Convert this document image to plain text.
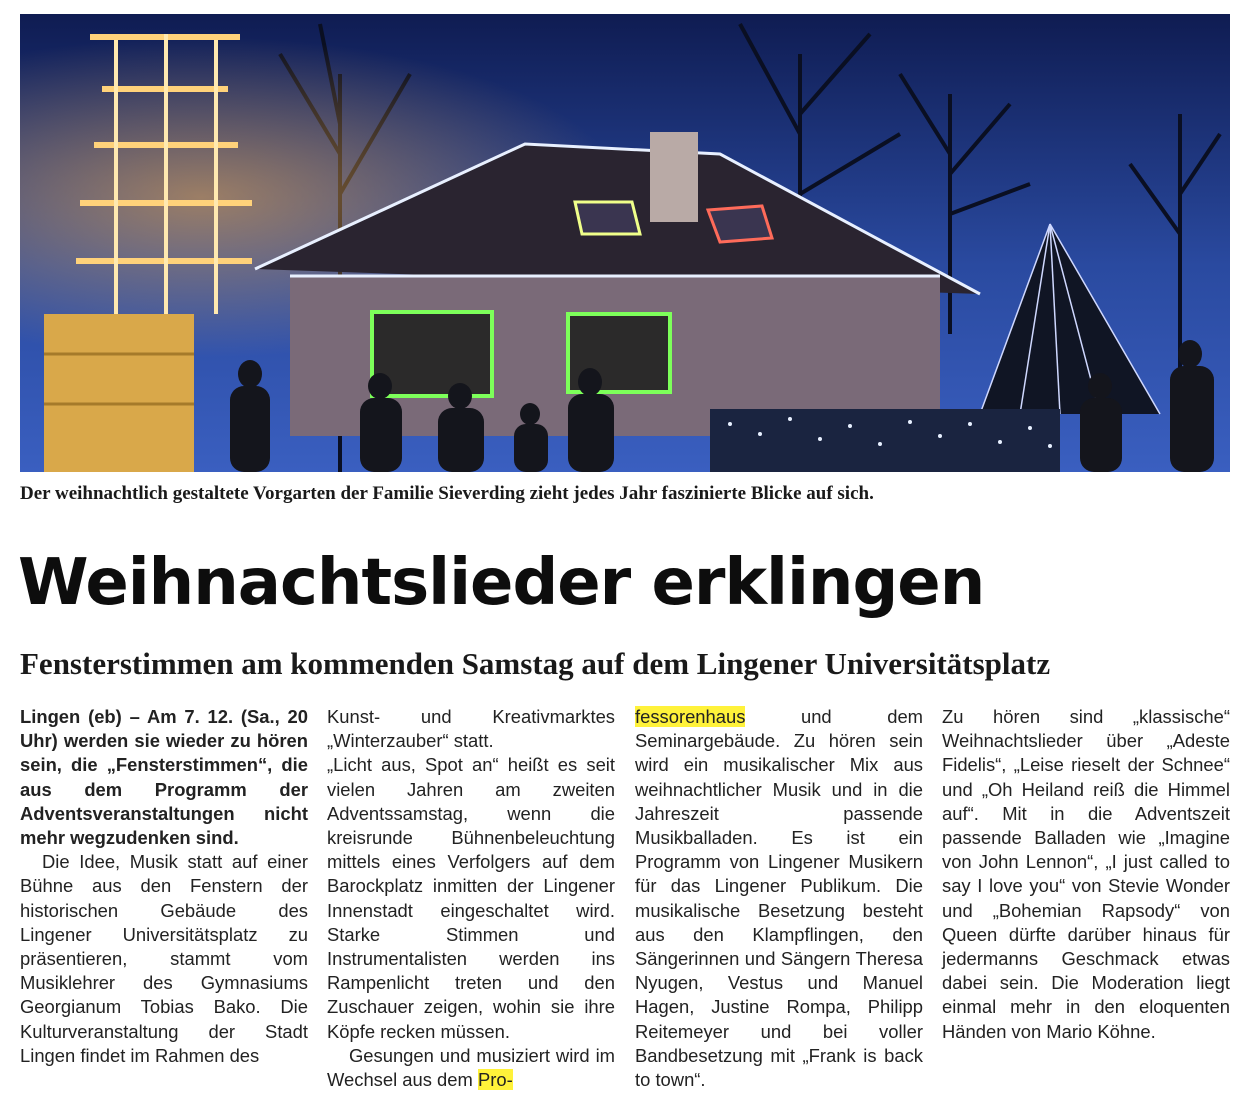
Der weihnachtlich gestaltete Vorgarten der Familie Sieverding zieht jedes Jahr faszinierte Blicke auf sich.
Weihnachtslieder erklingen
Fensterstimmen am kommenden Samstag auf dem Lingener Universitätsplatz

Lingen (eb) – Am 7. 12. (Sa., 20 Uhr) werden sie wieder zu hören sein, die „Fensterstimmen“, die aus dem Programm der Adventsveranstaltungen nicht mehr wegzudenken sind.

Die Idee, Musik statt auf einer Bühne aus den Fenstern der historischen Gebäude des Lingener Universitätsplatz zu präsentieren, stammt vom Musiklehrer des Gymnasiums Georgianum Tobias Bako. Die Kulturveranstaltung der Stadt Lingen findet im Rahmen des

Kunst- und Kreativmarktes „Winterzauber“ statt.

„Licht aus, Spot an“ heißt es seit vielen Jahren am zweiten Adventssamstag, wenn die kreisrunde Bühnenbeleuchtung mittels eines Verfolgers auf dem Barockplatz inmitten der Lingener Innenstadt eingeschaltet wird. Starke Stimmen und Instrumentalisten werden ins Rampenlicht treten und den Zuschauer zeigen, wohin sie ihre Köpfe recken müssen.

Gesungen und musiziert wird im Wechsel aus dem Pro-

fessorenhaus und dem Seminargebäude. Zu hören sein wird ein musikalischer Mix aus weihnachtlicher Musik und in die Jahreszeit passende Musikballaden. Es ist ein Programm von Lingener Musikern für das Lingener Publikum. Die musikalische Besetzung besteht aus den Klampflingen, den Sängerinnen und Sängern Theresa Nyugen, Vestus und Manuel Hagen, Justine Rompa, Philipp Reitemeyer und bei voller Bandbesetzung mit „Frank is back to town“.

Zu hören sind „klassische“ Weihnachtslieder über „Adeste Fidelis“, „Leise rieselt der Schnee“ und „Oh Heiland reiß die Himmel auf“. Mit in die Adventszeit passende Balladen wie „Imagine von John Lennon“, „I just called to say I love you“ von Stevie Wonder und „Bohemian Rapsody“ von Queen dürfte darüber hinaus für jedermanns Geschmack etwas dabei sein. Die Moderation liegt einmal mehr in den eloquenten Händen von Mario Köhne.
